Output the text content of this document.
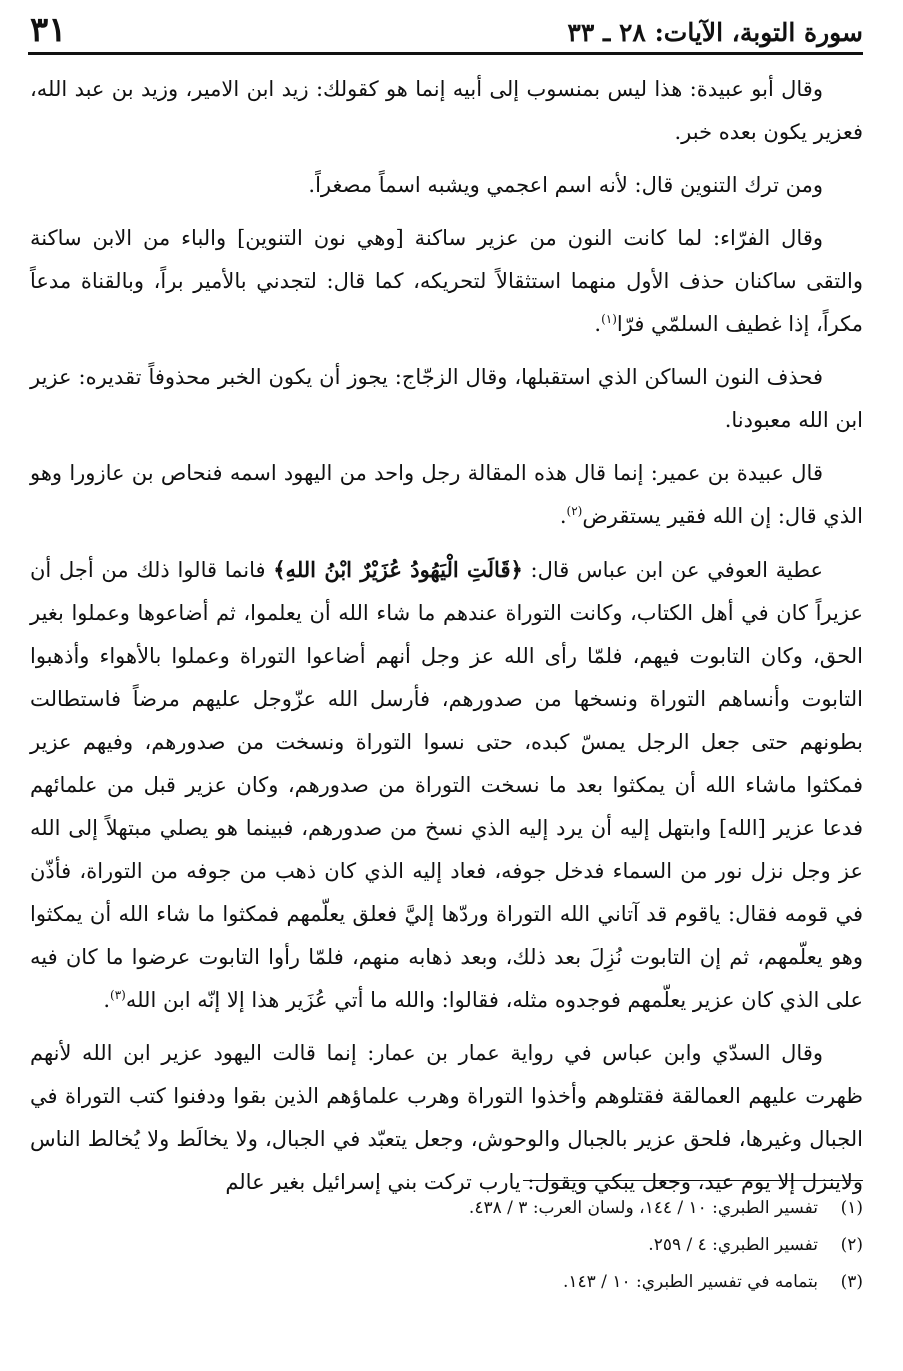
سورة التوبة، الآيات: ٢٨ ـ ٣٣
٣١

وقال أبو عبيدة: هذا ليس بمنسوب إلى أبيه إنما هو كقولك: زيد ابن الامير، وزيد بن عبد الله، فعزير يكون بعده خبر.

ومن ترك التنوين قال: لأنه اسم اعجمي ويشبه اسماً مصغراً.

وقال الفرّاء: لما كانت النون من عزير ساكنة [وهي نون التنوين] والباء من الابن ساكنة والتقى ساكنان حذف الأول منهما استثقالاً لتحريكه، كما قال: لتجدني بالأمير براً، وبالقناة مدعاً مكراً، إذا غطيف السلمّي فرّا$^{(١)}$.

فحذف النون الساكن الذي استقبلها، وقال الزجّاج: يجوز أن يكون الخبر محذوفاً تقديره: عزير ابن الله معبودنا.

قال عبيدة بن عمير: إنما قال هذه المقالة رجل واحد من اليهود اسمه فنحاص بن عازورا وهو الذي قال: إن الله فقير يستقرض$^{(٢)}$.

عطية العوفي عن ابن عباس قال: ﴿قَالَتِ الْيَهُودُ عُزَيْرٌ ابْنُ اللهِ﴾ فانما قالوا ذلك من أجل أن عزيراً كان في أهل الكتاب، وكانت التوراة عندهم ما شاء الله أن يعلموا، ثم أضاعوها وعملوا بغير الحق، وكان التابوت فيهم، فلمّا رأى الله عز وجل أنهم أضاعوا التوراة وعملوا بالأهواء وأذهبوا التابوت وأنساهم التوراة ونسخها من صدورهم، فأرسل الله عزّوجل عليهم مرضاً فاستطالت بطونهم حتى جعل الرجل يمسّ كبده، حتى نسوا التوراة ونسخت من صدورهم، وفيهم عزير فمكثوا ماشاء الله أن يمكثوا بعد ما نسخت التوراة من صدورهم، وكان عزير قبل من علمائهم فدعا عزير [الله] وابتهل إليه أن يرد إليه الذي نسخ من صدورهم، فبينما هو يصلي مبتهلاً إلى الله عز وجل نزل نور من السماء فدخل جوفه، فعاد إليه الذي كان ذهب من جوفه من التوراة، فأذّن في قومه فقال: ياقوم قد آتاني الله التوراة وردّها إليَّ فعلق يعلّمهم فمكثوا ما شاء الله أن يمكثوا وهو يعلّمهم، ثم إن التابوت نُزِلَ بعد ذلك، وبعد ذهابه منهم، فلمّا رأوا التابوت عرضوا ما كان فيه على الذي كان عزير يعلّمهم فوجدوه مثله، فقالوا: والله ما أتي عُزَير هذا إلا إنّه ابن الله$^{(٣)}$.

وقال السدّي وابن عباس في رواية عمار بن عمار: إنما قالت اليهود عزير ابن الله لأنهم ظهرت عليهم العمالقة فقتلوهم وأخذوا التوراة وهرب علماؤهم الذين بقوا ودفنوا كتب التوراة في الجبال وغيرها، فلحق عزير بالجبال والوحوش، وجعل يتعبّد في الجبال، ولا يخالَط ولا يُخالط الناس ولاينزل إلا يوم عيد، وجعل يبكي ويقول: يارب تركت بني إسرائيل بغير عالم

(١)
تفسير الطبري: ١٠ / ١٤٤، ولسان العرب: ٣ / ٤٣٨.
(٢)
تفسير الطبري: ٤ / ٢٥٩.
(٣)
بتمامه في تفسير الطبري: ١٠ / ١٤٣.
